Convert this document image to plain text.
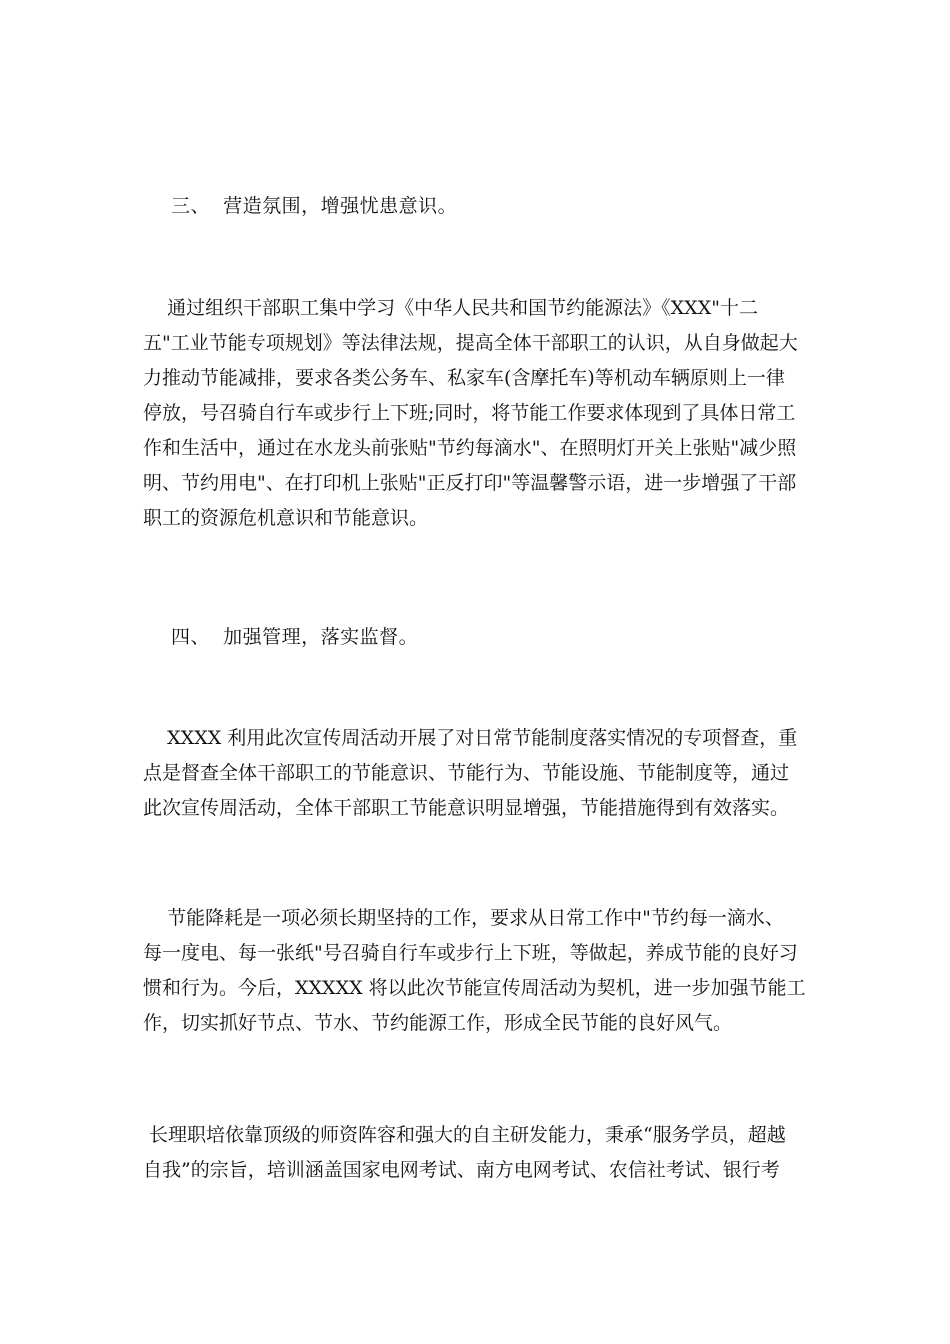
三、  营造氛围，增强忧患意识。
通过组织干部职工集中学习《中华人民共和国节约能源法》《XXX"十二
五"工业节能专项规划》等法律法规，提高全体干部职工的认识，从自身做起大
力推动节能减排，要求各类公务车、私家车(含摩托车)等机动车辆原则上一律
停放，号召骑自行车或步行上下班;同时，将节能工作要求体现到了具体日常工
作和生活中，通过在水龙头前张贴"节约每滴水"、在照明灯开关上张贴"减少照
明、节约用电"、在打印机上张贴"正反打印"等温馨警示语，进一步增强了干部
职工的资源危机意识和节能意识。
四、  加强管理，落实监督。
XXXX 利用此次宣传周活动开展了对日常节能制度落实情况的专项督查，重
点是督查全体干部职工的节能意识、节能行为、节能设施、节能制度等，通过
此次宣传周活动，全体干部职工节能意识明显增强，节能措施得到有效落实。
节能降耗是一项必须长期坚持的工作，要求从日常工作中"节约每一滴水、
每一度电、每一张纸"号召骑自行车或步行上下班，等做起，养成节能的良好习
惯和行为。今后，XXXXX 将以此次节能宣传周活动为契机，进一步加强节能工
作，切实抓好节点、节水、节约能源工作，形成全民节能的良好风气。
长理职培依靠顶级的师资阵容和强大的自主研发能力，秉承“服务学员，超越
自我”的宗旨，培训涵盖国家电网考试、南方电网考试、农信社考试、银行考
